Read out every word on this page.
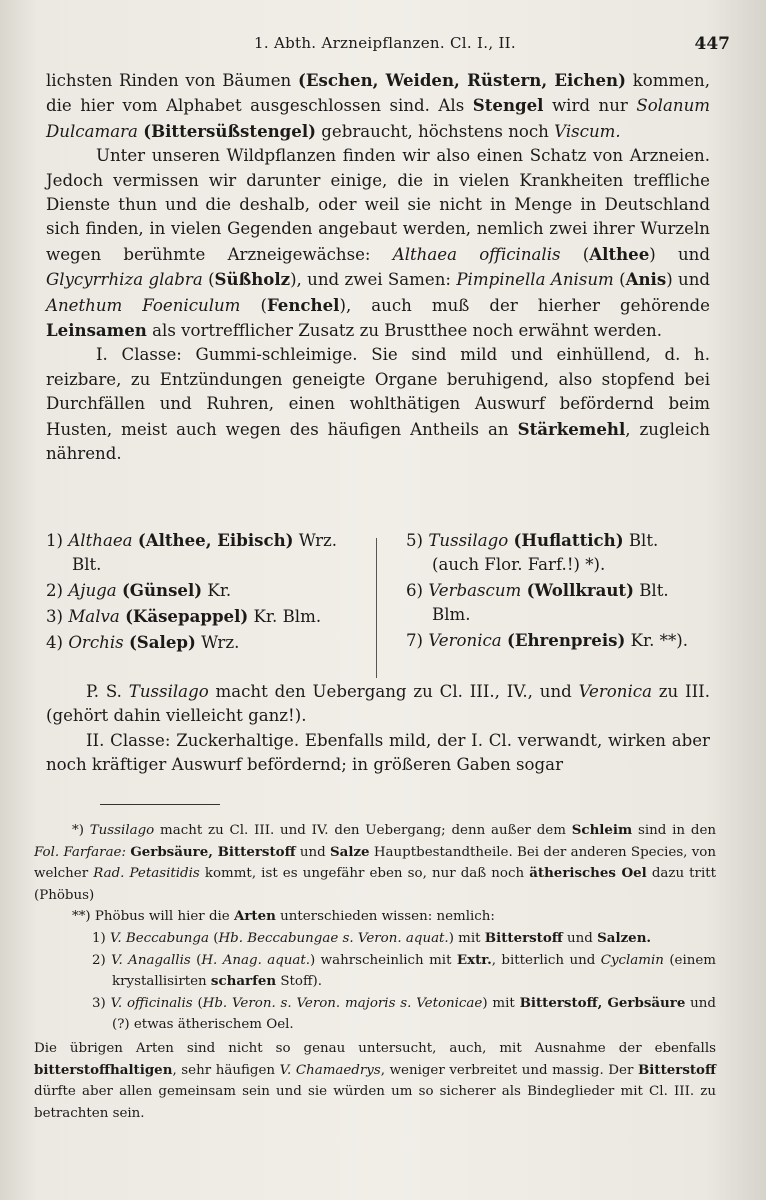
1. Abth. Arzneipflanzen. Cl. I., II.	447

lichsten Rinden von Bäumen (Eschen, Weiden, Rüstern, Eichen) kommen, die hier vom Alphabet ausgeschlossen sind. Als Stengel wird nur Solanum Dulcamara (Bittersüßstengel) gebraucht, höchstens noch Viscum.

Unter unseren Wildpflanzen finden wir also einen Schatz von Arzneien. Jedoch vermissen wir darunter einige, die in vielen Krankheiten treffliche Dienste thun und die deshalb, oder weil sie nicht in Menge in Deutschland sich finden, in vielen Gegenden angebaut werden, nemlich zwei ihrer Wurzeln wegen berühmte Arzneigewächse: Althaea officinalis (Althee) und Glycyrrhiza glabra (Süßholz), und zwei Samen: Pimpinella Anisum (Anis) und Anethum Foeniculum (Fenchel), auch muß der hierher gehörende Leinsamen als vortrefflicher Zusatz zu Brustthee noch erwähnt werden.

I. Classe: Gummi-schleimige. Sie sind mild und einhüllend, d. h. reizbare, zu Entzündungen geneigte Organe beruhigend, also stopfend bei Durchfällen und Ruhren, einen wohlthätigen Auswurf befördernd beim Husten, meist auch wegen des häufigen Antheils an Stärkemehl, zugleich nährend.

1) Althaea (Althee, Eibisch) Wrz.
Blt.
2) Ajuga (Günsel) Kr.
3) Malva (Käsepappel) Kr. Blm.
4) Orchis (Salep) Wrz.
5) Tussilago (Huflattich) Blt.
(auch Flor. Farf.!) *).
6) Verbascum (Wollkraut) Blt.
Blm.
7) Veronica (Ehrenpreis) Kr. **).

P. S. Tussilago macht den Uebergang zu Cl. III., IV., und Veronica zu III. (gehört dahin vielleicht ganz!).

II. Classe: Zuckerhaltige. Ebenfalls mild, der I. Cl. verwandt, wirken aber noch kräftiger Auswurf befördernd; in größeren Gaben sogar

*) Tussilago macht zu Cl. III. und IV. den Uebergang; denn außer dem Schleim sind in den Fol. Farfarae: Gerbsäure, Bitterstoff und Salze Hauptbestandtheile. Bei der anderen Species, von welcher Rad. Petasitidis kommt, ist es ungefähr eben so, nur daß noch ätherisches Oel dazu tritt (Phöbus)

**) Phöbus will hier die Arten unterschieden wissen: nemlich:

1) V. Beccabunga (Hb. Beccabungae s. Veron. aquat.) mit Bitterstoff und Salzen.

2) V. Anagallis (H. Anag. aquat.) wahrscheinlich mit Extr., bitterlich und Cyclamin (einem krystallisirten scharfen Stoff).

3) V. officinalis (Hb. Veron. s. Veron. majoris s. Vetonicae) mit Bitterstoff, Gerbsäure und (?) etwas ätherischem Oel.

Die übrigen Arten sind nicht so genau untersucht, auch, mit Ausnahme der ebenfalls bitterstoffhaltigen, sehr häufigen V. Chamaedrys, weniger verbreitet und massig. Der Bitterstoff dürfte aber allen gemeinsam sein und sie würden um so sicherer als Bindeglieder mit Cl. III. zu betrachten sein.
